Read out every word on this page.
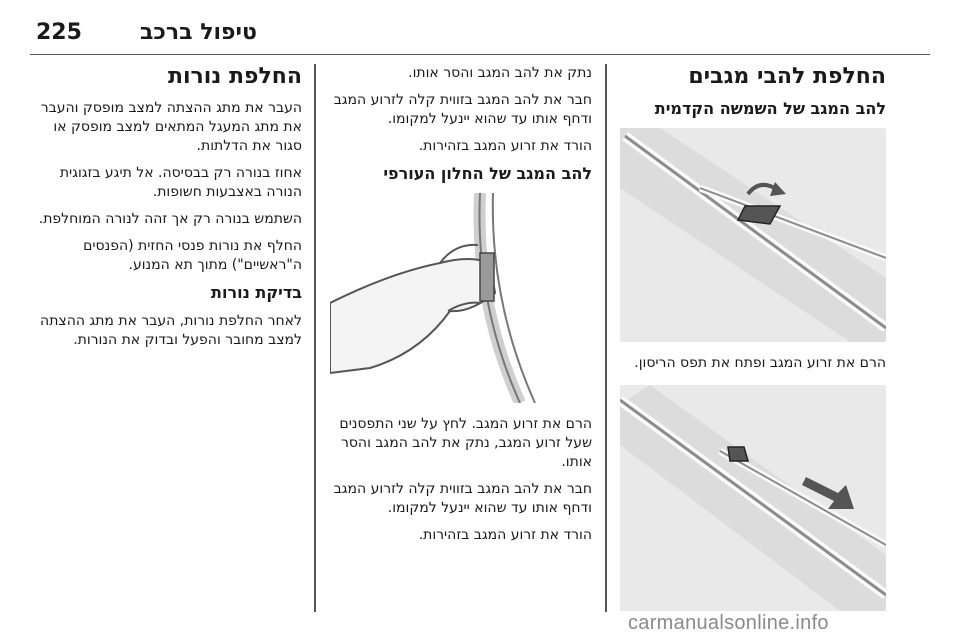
225	טיפול ברכב
החלפת להבי מגבים
להב המגב של השמשה הקדמית

הרם את זרוע המגב ופתח את תפס הריסון.

נתק את להב המגב והסר אותו.

חבר את להב המגב בזווית קלה לזרוע המגב ודחף אותו עד שהוא יינעל למקומו.

הורד את זרוע המגב בזהירות.

להב המגב של החלון העורפי

הרם את זרוע המגב. לחץ על שני התפסנים שעל זרוע המגב, נתק את להב המגב והסר אותו.

חבר את להב המגב בזווית קלה לזרוע המגב ודחף אותו עד שהוא יינעל למקומו.

הורד את זרוע המגב בזהירות.

החלפת נורות

העבר את מתג ההצתה למצב מופסק והעבר את מתג המעגל המתאים למצב מופסק או סגור את הדלתות.

אחוז בנורה רק בבסיסה. אל תיגע בזגוגית הנורה באצבעות חשופות.

השתמש בנורה רק אך זהה לנורה המוחלפת.

החלף את נורות פנסי החזית (הפנסים ה"ראשיים") מתוך תא המנוע.

בדיקת נורות

לאחר החלפת נורות, העבר את מתג ההצתה למצב מחובר והפעל ובדוק את הנורות.

carmanualsonline.info
